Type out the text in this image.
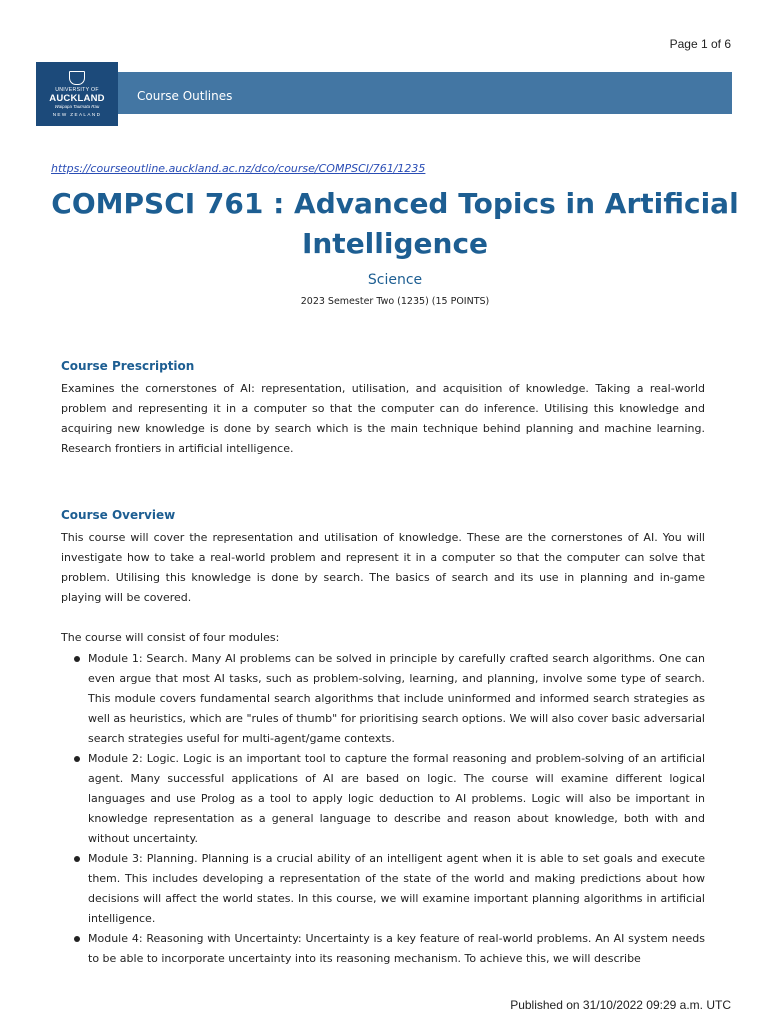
Page 1 of 6
UNIVERSITY OF
AUCKLAND
Waipapa Taumata Rau
NEW ZEALAND
Course Outlines
https://courseoutline.auckland.ac.nz/dco/course/COMPSCI/761/1235
COMPSCI 761 : Advanced Topics in Artificial Intelligence
Science
2023 Semester Two (1235) (15 POINTS)
Course Prescription

Examines the cornerstones of AI: representation, utilisation, and acquisition of knowledge. Taking a real-world problem and representing it in a computer so that the computer can do inference. Utilising this knowledge and acquiring new knowledge is done by search which is the main technique behind planning and machine learning. Research frontiers in artificial intelligence.

Course Overview

This course will cover the representation and utilisation of knowledge. These are the cornerstones of AI. You will investigate how to take a real-world problem and represent it in a computer so that the computer can solve that problem. Utilising this knowledge is done by search. The basics of search and its use in planning and in-game playing will be covered.

The course will consist of four modules:

Module 1: Search. Many AI problems can be solved in principle by carefully crafted search algorithms. One can even argue that most AI tasks, such as problem-solving, learning, and planning, involve some type of search. This module covers fundamental search algorithms that include uninformed and informed search strategies as well as heuristics, which are "rules of thumb" for prioritising search options. We will also cover basic adversarial search strategies useful for multi-agent/game contexts.
Module 2: Logic. Logic is an important tool to capture the formal reasoning and problem-solving of an artificial agent. Many successful applications of AI are based on logic. The course will examine different logical languages and use Prolog as a tool to apply logic deduction to AI problems. Logic will also be important in knowledge representation as a general language to describe and reason about knowledge, both with and without uncertainty.
Module 3: Planning. Planning is a crucial ability of an intelligent agent when it is able to set goals and execute them. This includes developing a representation of the state of the world and making predictions about how decisions will affect the world states. In this course, we will examine important planning algorithms in artificial intelligence.
Module 4: Reasoning with Uncertainty: Uncertainty is a key feature of real-world problems. An AI system needs to be able to incorporate uncertainty into its reasoning mechanism. To achieve this, we will describe
Published on 31/10/2022 09:29 a.m. UTC
